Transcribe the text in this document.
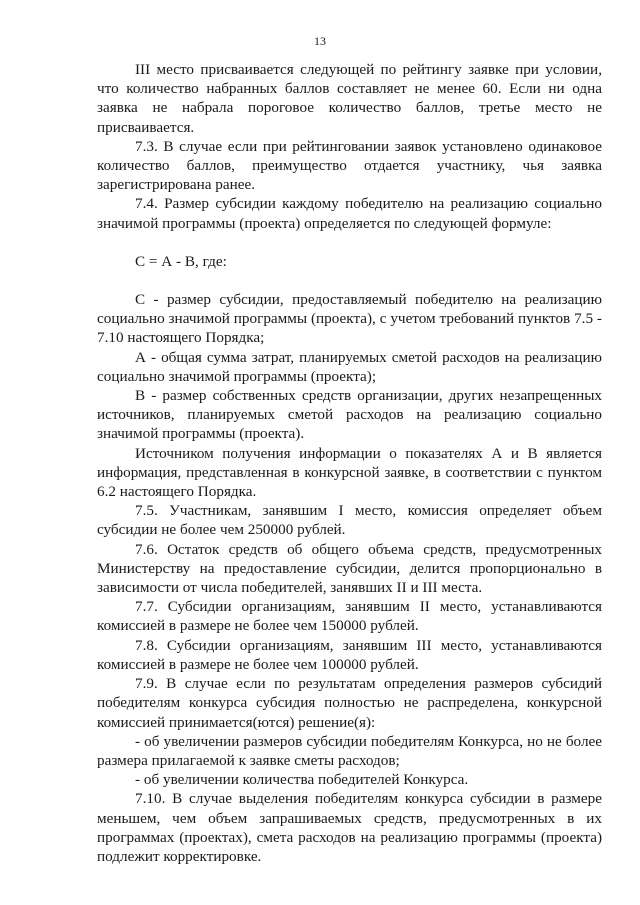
13

III место присваивается следующей по рейтингу заявке при условии, что количество набранных баллов составляет не менее 60. Если ни одна заявка не набрала пороговое количество баллов, третье место не присваивается.

7.3. В случае если при рейтинговании заявок установлено одинаковое количество баллов, преимущество отдается участнику, чья заявка зарегистрирована ранее.

7.4. Размер субсидии каждому победителю на реализацию социально значимой программы (проекта) определяется по следующей формуле:

С = А - В, где:

С - размер субсидии, предоставляемый победителю на реализацию социально значимой программы (проекта), с учетом требований пунктов 7.5 - 7.10 настоящего Порядка;

А - общая сумма затрат, планируемых сметой расходов на реализацию социально значимой программы (проекта);

В - размер собственных средств организации, других незапрещенных источников, планируемых сметой расходов на реализацию социально значимой программы (проекта).

Источником получения информации о показателях А и В является информация, представленная в конкурсной заявке, в соответствии с пунктом 6.2 настоящего Порядка.

7.5. Участникам, занявшим I место, комиссия определяет объем субсидии не более чем 250000 рублей.

7.6. Остаток средств об общего объема средств, предусмотренных Министерству на предоставление субсидии, делится пропорционально в зависимости от числа победителей, занявших II и III места.

7.7. Субсидии организациям, занявшим II место, устанавливаются комиссией в размере не более чем 150000 рублей.

7.8. Субсидии организациям, занявшим III место, устанавливаются комиссией в размере не более чем 100000 рублей.

7.9. В случае если по результатам определения размеров субсидий победителям конкурса субсидия полностью не распределена, конкурсной комиссией принимается(ются) решение(я):

- об увеличении размеров субсидии победителям Конкурса, но не более размера прилагаемой к заявке сметы расходов;

- об увеличении количества победителей Конкурса.

7.10. В случае выделения победителям конкурса субсидии в размере меньшем, чем объем запрашиваемых средств, предусмотренных в их программах (проектах), смета расходов на реализацию программы (проекта) подлежит корректировке.
